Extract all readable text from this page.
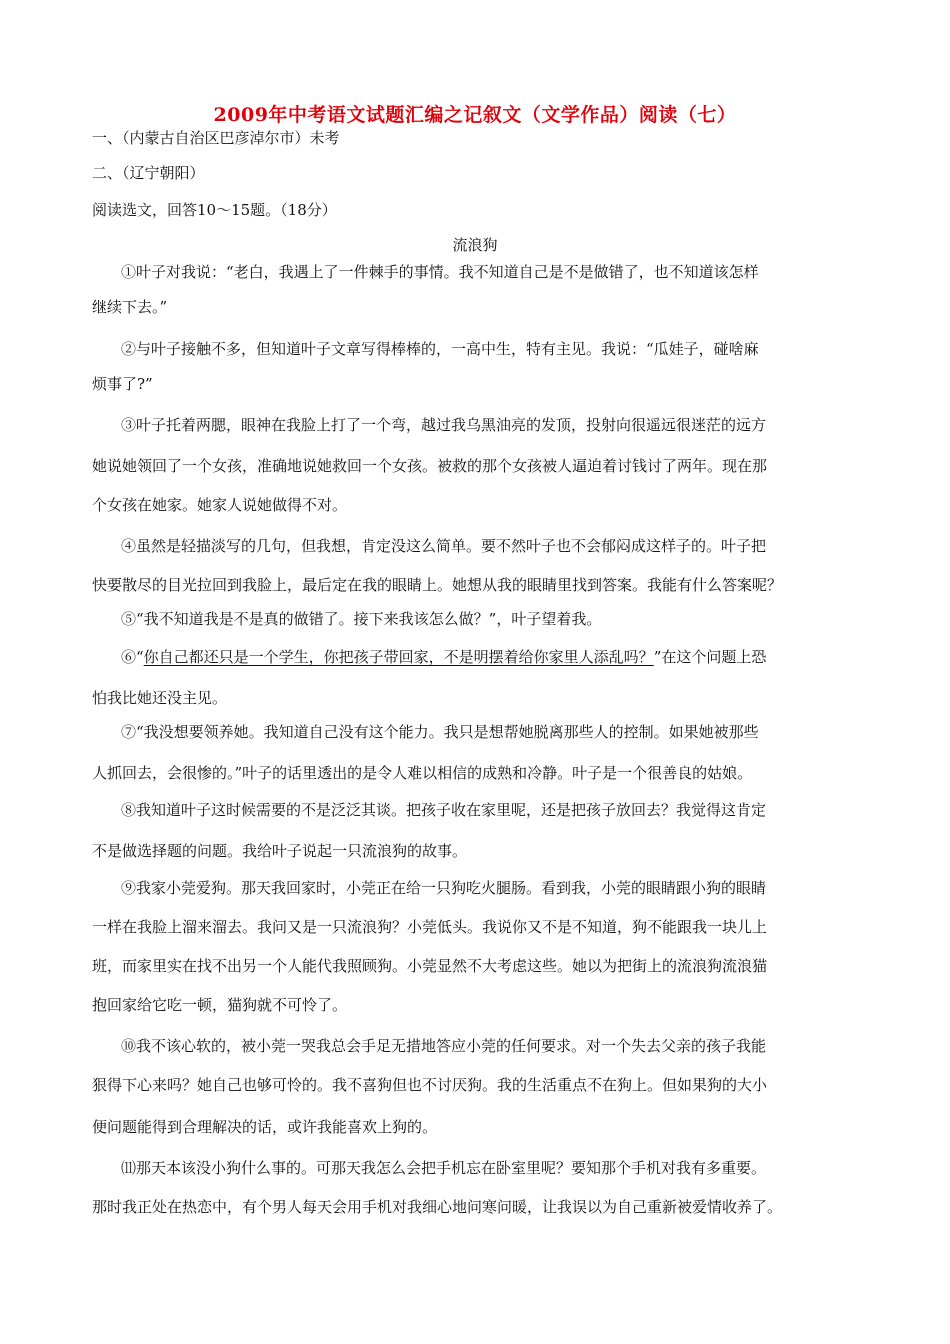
2009年中考语文试题汇编之记叙文（文学作品）阅读（七）
一、（内蒙古自治区巴彦淖尔市）未考
二、（辽宁朝阳）
阅读选文，回答10～15题。（18分）
流浪狗
①叶子对我说：“老白，我遇上了一件棘手的事情。我不知道自己是不是做错了，也不知道该怎样
继续下去。”
②与叶子接触不多，但知道叶子文章写得棒棒的，一高中生，特有主见。我说：“瓜娃子，碰啥麻
烦事了?”
③叶子托着两腮，眼神在我脸上打了一个弯，越过我乌黑油亮的发顶，投射向很遥远很迷茫的远方
她说她领回了一个女孩，准确地说她救回一个女孩。被救的那个女孩被人逼迫着讨钱讨了两年。现在那
个女孩在她家。她家人说她做得不对。
④虽然是轻描淡写的几句，但我想，肯定没这么简单。要不然叶子也不会郁闷成这样子的。叶子把
快要散尽的目光拉回到我脸上，最后定在我的眼睛上。她想从我的眼睛里找到答案。我能有什么答案呢？
⑤“我不知道我是不是真的做错了。接下来我该怎么做？”，叶子望着我。
⑥“你自己都还只是一个学生，你把孩子带回家，不是明摆着给你家里人添乱吗？”在这个问题上恐
怕我比她还没主见。
⑦“我没想要领养她。我知道自己没有这个能力。我只是想帮她脱离那些人的控制。如果她被那些
人抓回去，会很惨的。”叶子的话里透出的是令人难以相信的成熟和冷静。叶子是一个很善良的姑娘。
⑧我知道叶子这时候需要的不是泛泛其谈。把孩子收在家里呢，还是把孩子放回去？我觉得这肯定
不是做选择题的问题。我给叶子说起一只流浪狗的故事。
⑨我家小莞爱狗。那天我回家时，小莞正在给一只狗吃火腿肠。看到我，小莞的眼睛跟小狗的眼睛
一样在我脸上溜来溜去。我问又是一只流浪狗？小莞低头。我说你又不是不知道，狗不能跟我一块儿上
班，而家里实在找不出另一个人能代我照顾狗。小莞显然不大考虑这些。她以为把街上的流浪狗流浪猫
抱回家给它吃一顿，猫狗就不可怜了。
⑩我不该心软的，被小莞一哭我总会手足无措地答应小莞的任何要求。对一个失去父亲的孩子我能
狠得下心来吗？她自己也够可怜的。我不喜狗但也不讨厌狗。我的生活重点不在狗上。但如果狗的大小
便问题能得到合理解决的话，或许我能喜欢上狗的。
⑾那天本该没小狗什么事的。可那天我怎么会把手机忘在卧室里呢？要知那个手机对我有多重要。
那时我正处在热恋中，有个男人每天会用手机对我细心地问寒问暖，让我误以为自己重新被爱情收养了。
